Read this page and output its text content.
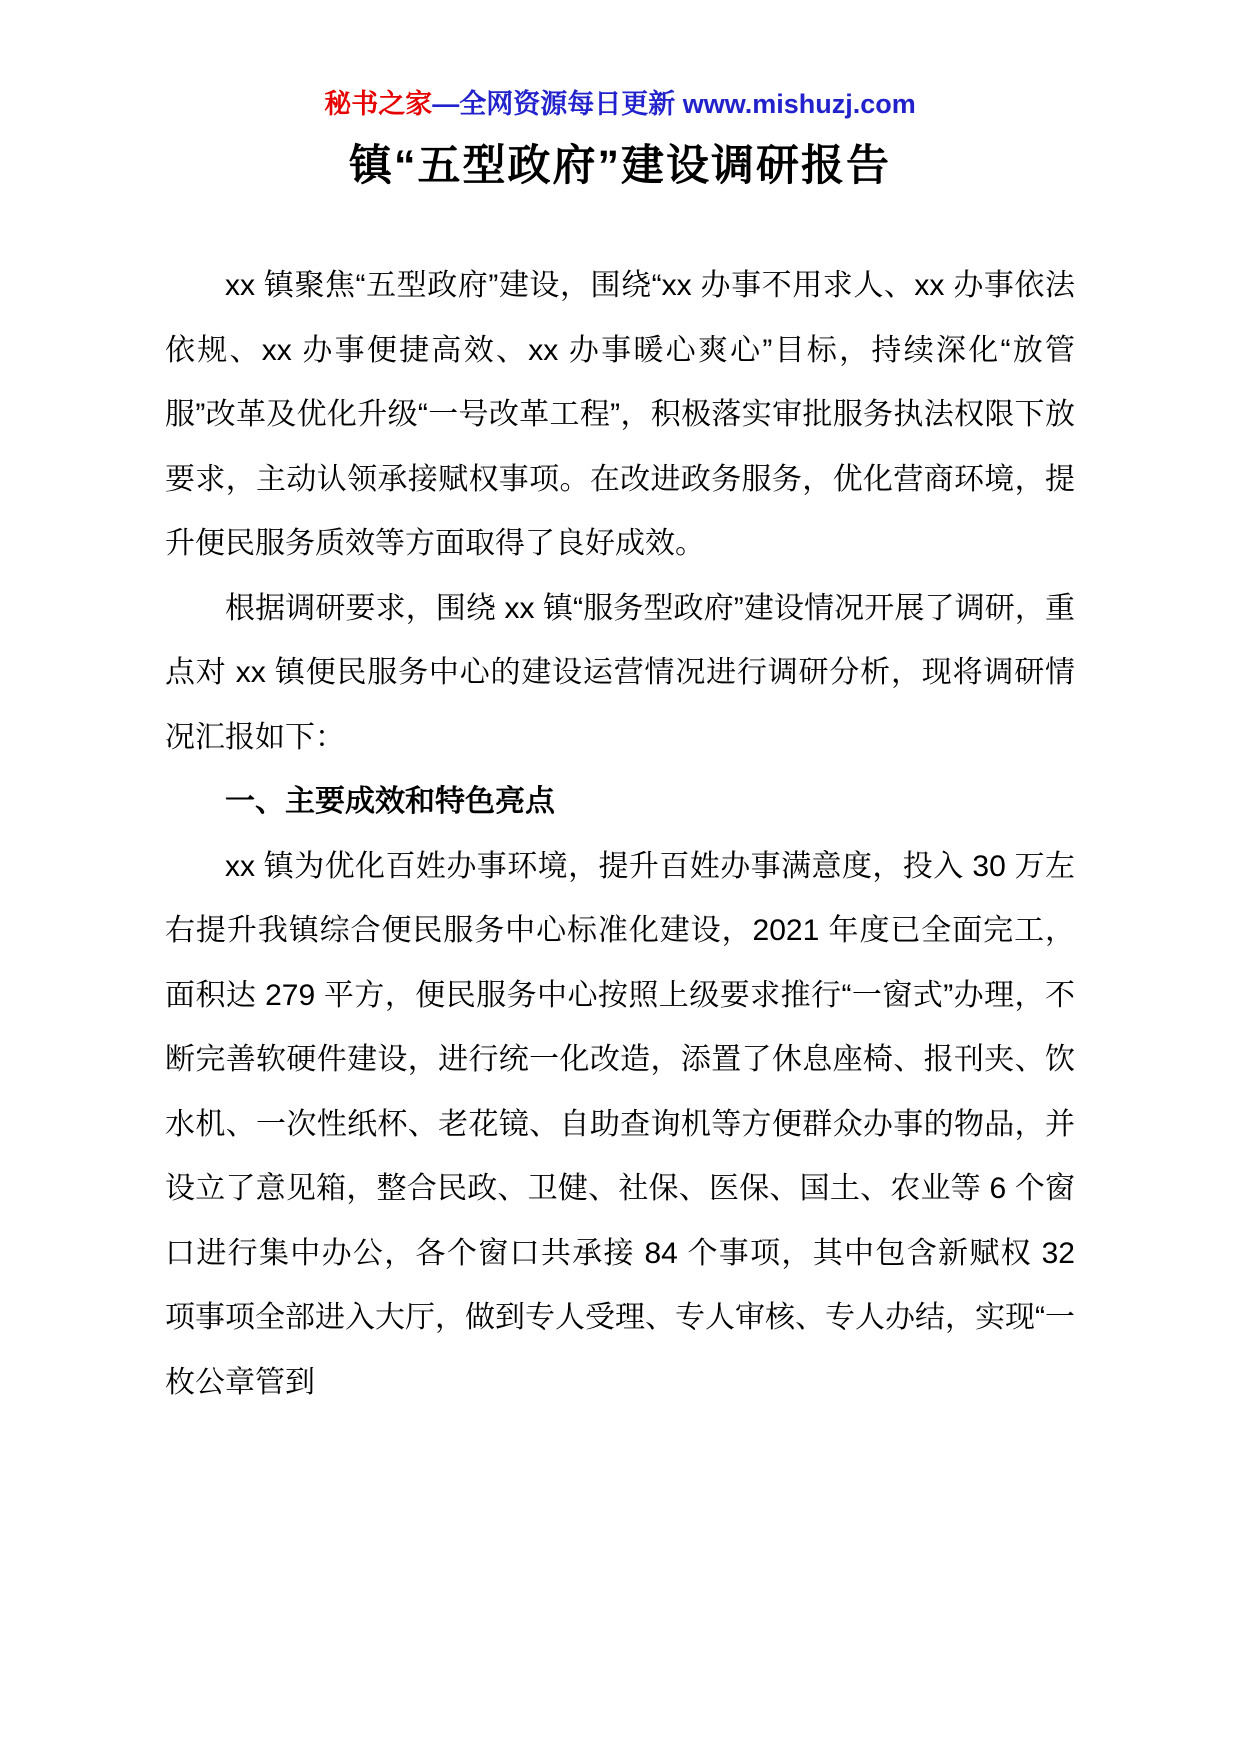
秘书之家—全网资源每日更新 www.mishuzj.com
镇“五型政府”建设调研报告

xx 镇聚焦“五型政府”建设，围绕“xx 办事不用求人、xx 办事依法依规、xx 办事便捷高效、xx 办事暖心爽心”目标，持续深化“放管服”改革及优化升级“一号改革工程”，积极落实审批服务执法权限下放要求，主动认领承接赋权事项。在改进政务服务，优化营商环境，提升便民服务质效等方面取得了良好成效。

根据调研要求，围绕 xx 镇“服务型政府”建设情况开展了调研，重点对 xx 镇便民服务中心的建设运营情况进行调研分析，现将调研情况汇报如下：

一、主要成效和特色亮点

xx 镇为优化百姓办事环境，提升百姓办事满意度，投入 30 万左右提升我镇综合便民服务中心标准化建设，2021 年度已全面完工，面积达 279 平方，便民服务中心按照上级要求推行“一窗式”办理，不断完善软硬件建设，进行统一化改造，添置了休息座椅、报刊夹、饮水机、一次性纸杯、老花镜、自助查询机等方便群众办事的物品，并设立了意见箱，整合民政、卫健、社保、医保、国土、农业等 6 个窗口进行集中办公，各个窗口共承接 84 个事项，其中包含新赋权 32 项事项全部进入大厅，做到专人受理、专人审核、专人办结，实现“一枚公章管到
